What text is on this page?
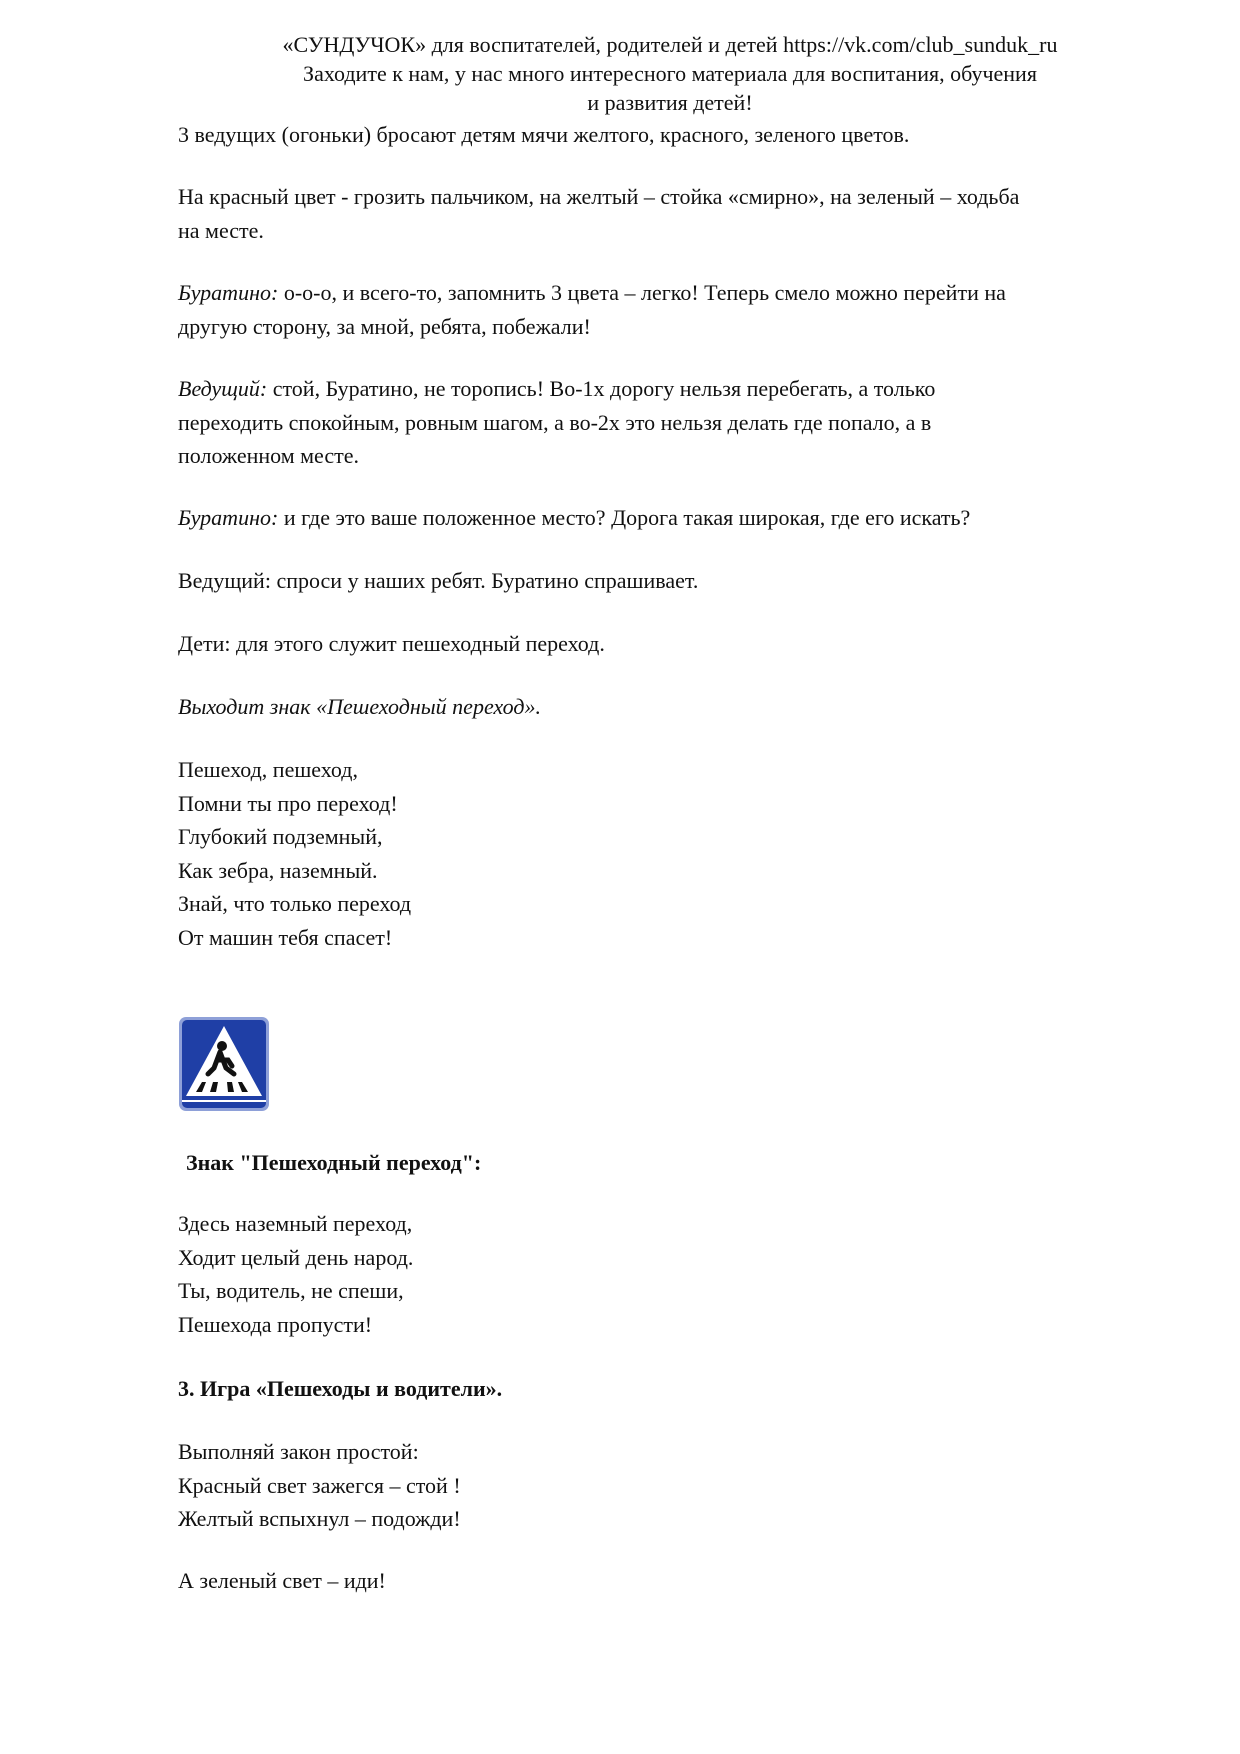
«СУНДУЧОК» для воспитателей, родителей и детей https://vk.com/club_sunduk_ru
Заходите к нам, у нас много интересного материала для воспитания, обучения
и развития детей!
3 ведущих (огоньки) бросают детям мячи желтого, красного, зеленого цветов.
На красный цвет - грозить пальчиком, на желтый – стойка «смирно», на зеленый – ходьба
на месте.
Буратино: о-о-о, и всего-то, запомнить 3 цвета – легко! Теперь смело можно перейти на
другую сторону, за мной, ребята, побежали!
Ведущий: стой, Буратино, не торопись! Во-1х дорогу нельзя перебегать, а только
переходить спокойным, ровным шагом, а во-2х это нельзя делать где попало, а в
положенном месте.
Буратино: и где это ваше положенное место? Дорога такая широкая, где его искать?
Ведущий: спроси у наших ребят. Буратино спрашивает.
Дети: для этого служит пешеходный переход.
Выходит знак «Пешеходный переход».
Пешеход, пешеход,
Помни ты про переход!
Глубокий подземный,
Как зебра, наземный.
Знай, что только переход
От машин тебя спасет!
Знак "Пешеходный переход":
Здесь наземный переход,
Ходит целый день народ.
Ты, водитель, не спеши,
Пешехода пропусти!
3. Игра «Пешеходы и водители».
Выполняй закон простой:
Красный свет зажегся – стой !
Желтый вспыхнул – подожди!
А зеленый свет – иди!
